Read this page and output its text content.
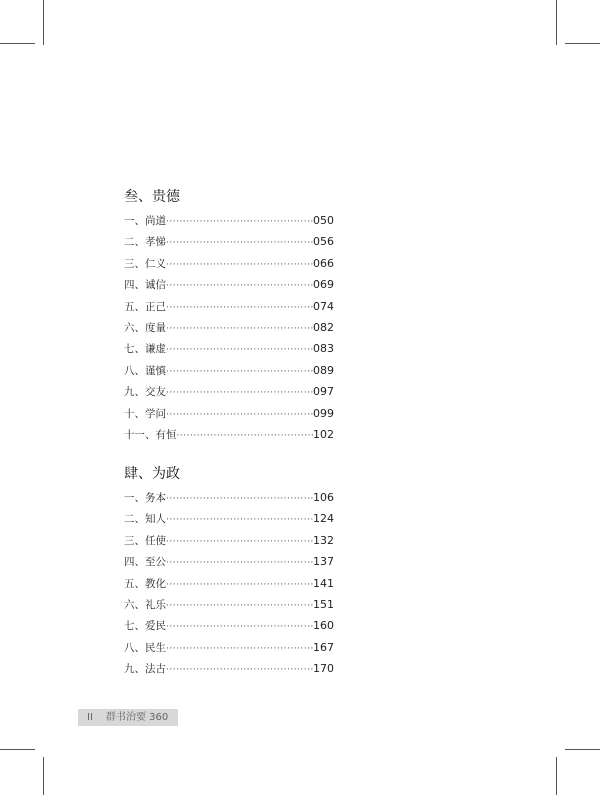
叁、贵德
一、尚道 ·····	050
二、孝悌 ·····	056
三、仁义 ·····	066
四、诚信 ·····	069
五、正己 ·····	074
六、度量 ·····	082
七、谦虚 ·····	083
八、谨慎 ·····	089
九、交友 ·····	097
十、学问 ·····	099
十一、有恒 ·····	102
肆、为政
一、务本 ·····	106
二、知人 ·····	124
三、任使 ·····	132
四、至公 ·····	137
五、教化 ·····	141
六、礼乐 ·····	151
七、爱民 ·····	160
八、民生 ·····	167
九、法古 ·····	170
II 群书治要 360
